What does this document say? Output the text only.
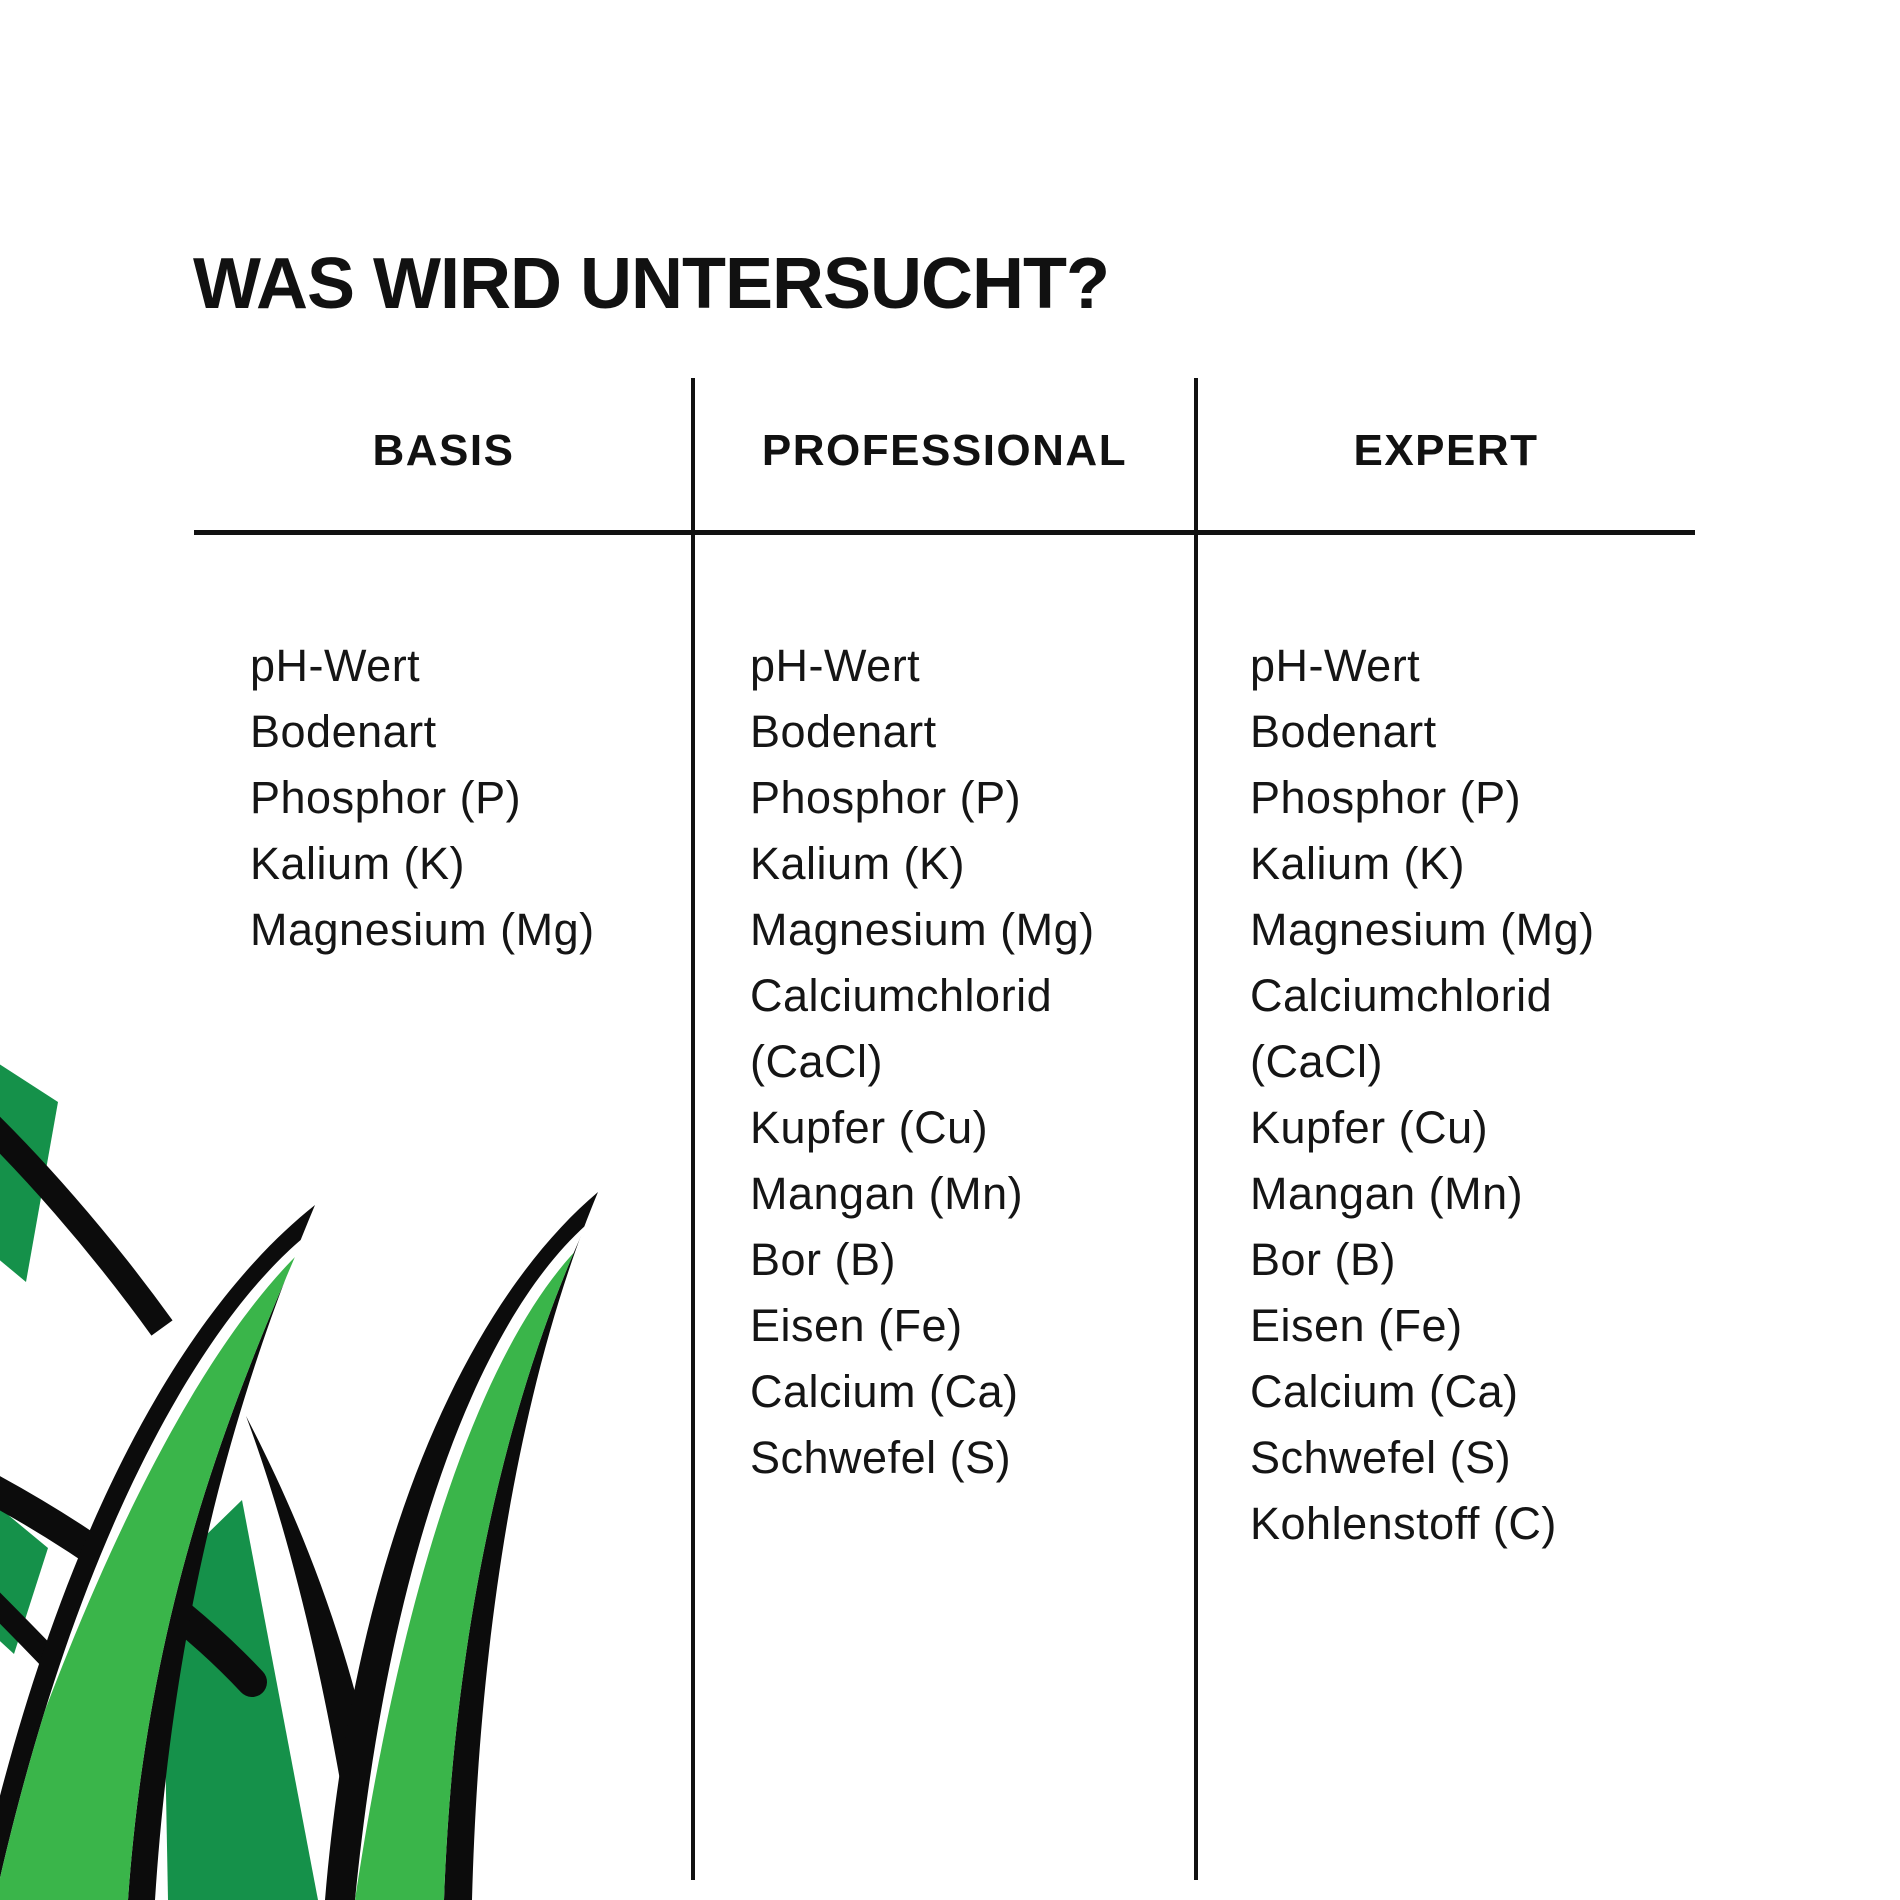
WAS WIRD UNTERSUCHT?
BASIS	PROFESSIONAL	EXPERT
pH-Wert
Bodenart
Phosphor (P)
Kalium (K)
Magnesium (Mg)
pH-Wert
Bodenart
Phosphor (P)
Kalium (K)
Magnesium (Mg)
Calciumchlorid (CaCl)
Kupfer (Cu)
Mangan (Mn)
Bor (B)
Eisen (Fe)
Calcium (Ca)
Schwefel (S)
pH-Wert
Bodenart
Phosphor (P)
Kalium (K)
Magnesium (Mg)
Calciumchlorid (CaCl)
Kupfer (Cu)
Mangan (Mn)
Bor (B)
Eisen (Fe)
Calcium (Ca)
Schwefel (S)
Kohlenstoff (C)
